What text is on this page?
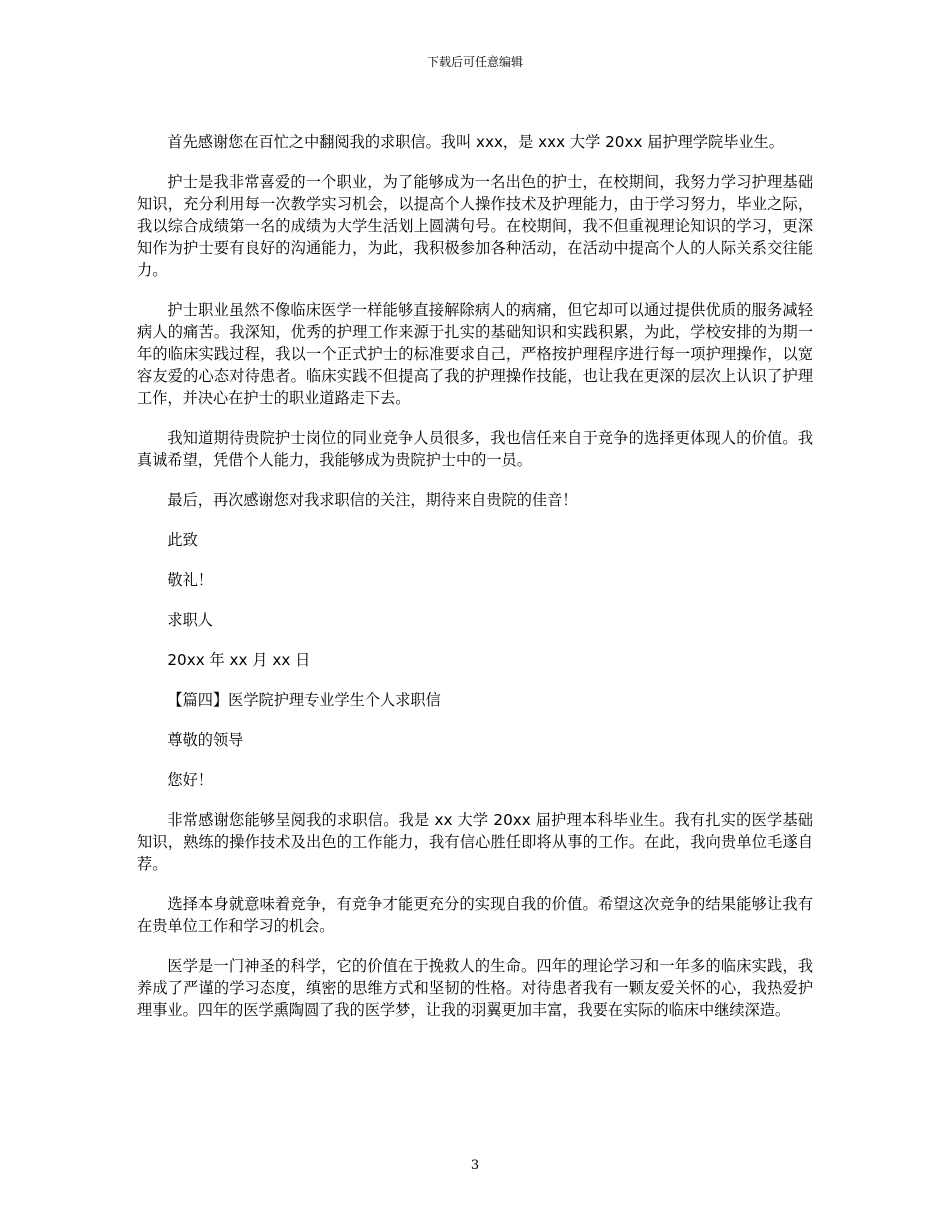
下载后可任意编辑

首先感谢您在百忙之中翻阅我的求职信。我叫 xxx，是 xxx 大学 20xx 届护理学院毕业生。

护士是我非常喜爱的一个职业，为了能够成为一名出色的护士，在校期间，我努力学习护理基础知识，充分利用每一次教学实习机会，以提高个人操作技术及护理能力，由于学习努力，毕业之际，我以综合成绩第一名的成绩为大学生活划上圆满句号。在校期间，我不但重视理论知识的学习，更深知作为护士要有良好的沟通能力，为此，我积极参加各种活动，在活动中提高个人的人际关系交往能力。

护士职业虽然不像临床医学一样能够直接解除病人的病痛，但它却可以通过提供优质的服务减轻病人的痛苦。我深知，优秀的护理工作来源于扎实的基础知识和实践积累，为此，学校安排的为期一年的临床实践过程，我以一个正式护士的标准要求自己，严格按护理程序进行每一项护理操作，以宽容友爱的心态对待患者。临床实践不但提高了我的护理操作技能，也让我在更深的层次上认识了护理工作，并决心在护士的职业道路走下去。

我知道期待贵院护士岗位的同业竞争人员很多，我也信任来自于竞争的选择更体现人的价值。我真诚希望，凭借个人能力，我能够成为贵院护士中的一员。

最后，再次感谢您对我求职信的关注，期待来自贵院的佳音！

此致

敬礼！

求职人

20xx 年 xx 月 xx 日

【篇四】医学院护理专业学生个人求职信

尊敬的领导

您好！

非常感谢您能够呈阅我的求职信。我是 xx 大学 20xx 届护理本科毕业生。我有扎实的医学基础知识，熟练的操作技术及出色的工作能力，我有信心胜任即将从事的工作。在此，我向贵单位毛遂自荐。

选择本身就意味着竞争，有竞争才能更充分的实现自我的价值。希望这次竞争的结果能够让我有在贵单位工作和学习的机会。

医学是一门神圣的科学，它的价值在于挽救人的生命。四年的理论学习和一年多的临床实践，我养成了严谨的学习态度，缜密的思维方式和坚韧的性格。对待患者我有一颗友爱关怀的心，我热爱护理事业。四年的医学熏陶圆了我的医学梦，让我的羽翼更加丰富，我要在实际的临床中继续深造。

3
